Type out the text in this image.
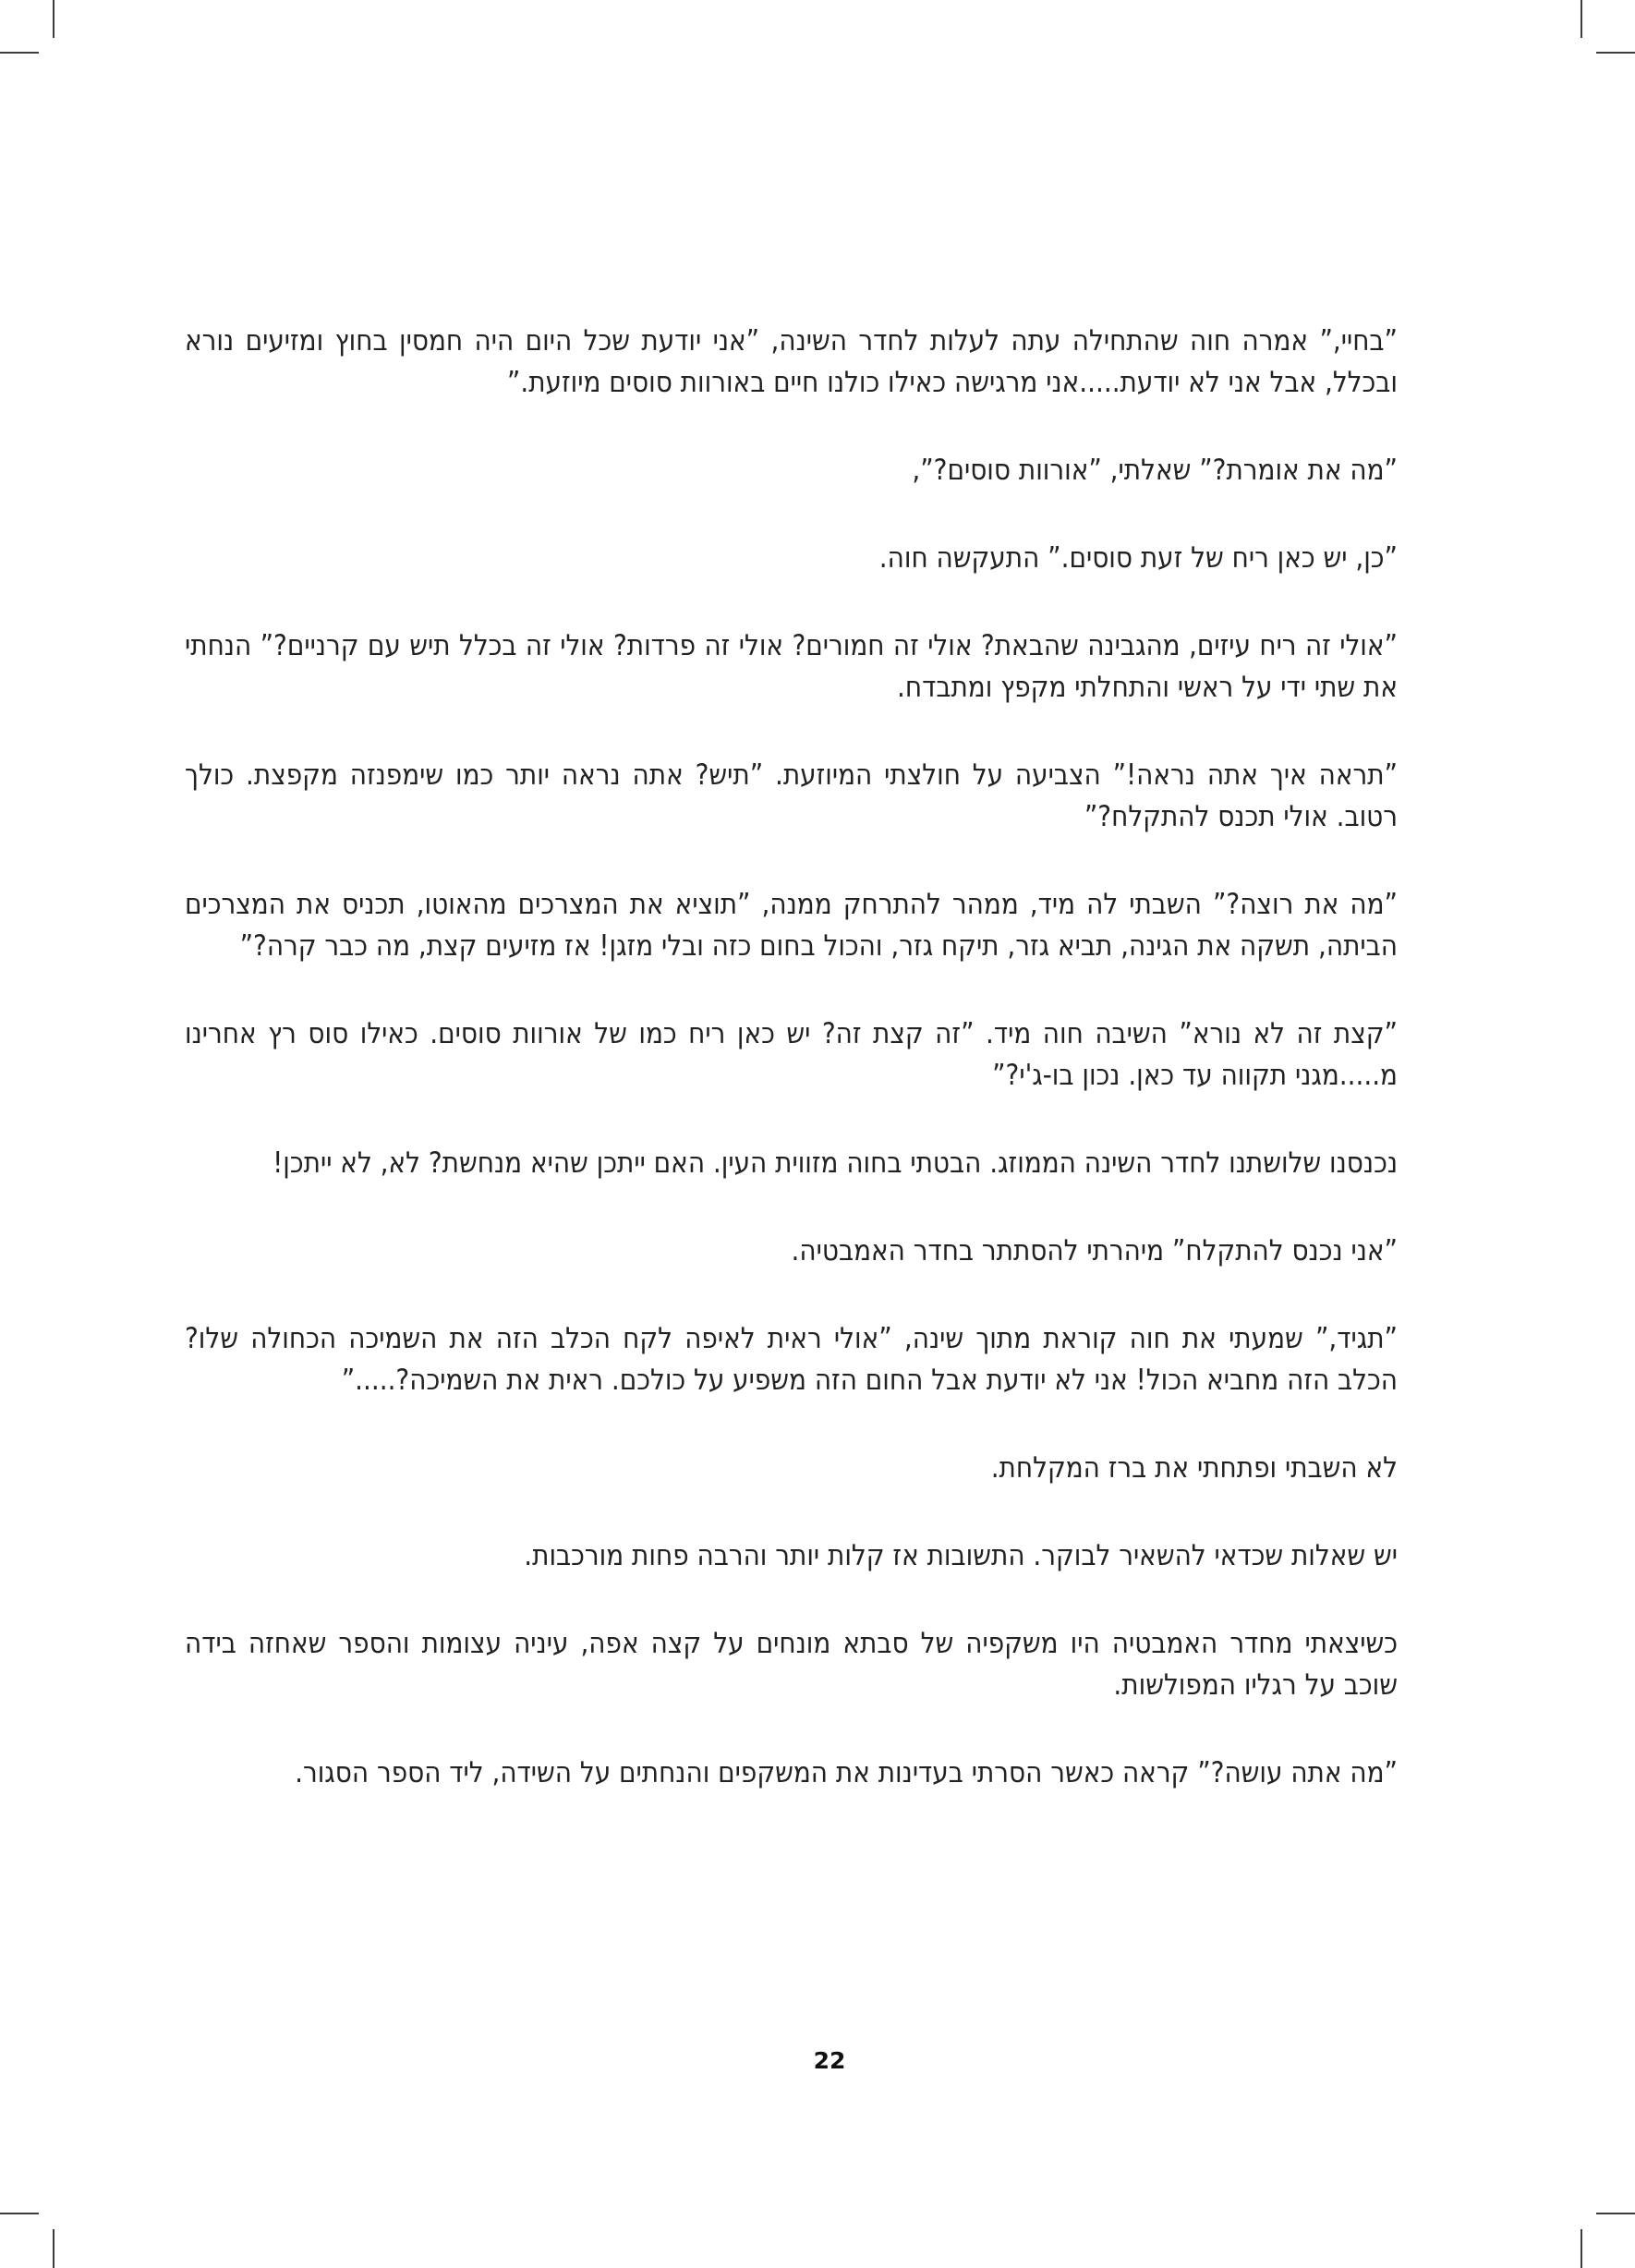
”בחיי,” אמרה חוה שהתחילה עתה לעלות לחדר השינה, ”אני יודעת שכל היום היה חמסין בחוץ ומזיעים נורא ובכלל, אבל אני לא יודעת.....אני מרגישה כאילו כולנו חיים באורוות סוסים מיוזעת.”

”מה את אומרת?” שאלתי, ”אורוות סוסים?”,

”כן, יש כאן ריח של זעת סוסים.” התעקשה חוה.

”אולי זה ריח עיזים, מהגבינה שהבאת? אולי זה חמורים? אולי זה פרדות? אולי זה בכלל תיש עם קרניים?” הנחתי את שתי ידי על ראשי והתחלתי מקפץ ומתבדח.

”תראה איך אתה נראה!” הצביעה על חולצתי המיוזעת. ”תיש? אתה נראה יותר כמו שימפנזה מקפצת. כולך רטוב. אולי תכנס להתקלח?”

”מה את רוצה?” השבתי לה מיד, ממהר להתרחק ממנה, ”תוציא את המצרכים מהאוטו, תכניס את המצרכים הביתה, תשקה את הגינה, תביא גזר, תיקח גזר, והכול בחום כזה ובלי מזגן! אז מזיעים קצת, מה כבר קרה?”

”קצת זה לא נורא” השיבה חוה מיד. ”זה קצת זה? יש כאן ריח כמו של אורוות סוסים. כאילו סוס רץ אחרינו מ.....מגני תקווה עד כאן. נכון בו-ג'י?”

נכנסנו שלושתנו לחדר השינה הממוזג. הבטתי בחוה מזווית העין. האם ייתכן שהיא מנחשת? לא, לא ייתכן!

”אני נכנס להתקלח” מיהרתי להסתתר בחדר האמבטיה.

”תגיד,” שמעתי את חוה קוראת מתוך שינה, ”אולי ראית לאיפה לקח הכלב הזה את השמיכה הכחולה שלו? הכלב הזה מחביא הכול! אני לא יודעת אבל החום הזה משפיע על כולכם. ראית את השמיכה?.....”

לא השבתי ופתחתי את ברז המקלחת.

יש שאלות שכדאי להשאיר לבוקר. התשובות אז קלות יותר והרבה פחות מורכבות.

כשיצאתי מחדר האמבטיה היו משקפיה של סבתא מונחים על קצה אפה, עיניה עצומות והספר שאחזה בידה שוכב על רגליו המפולשות.

”מה אתה עושה?” קראה כאשר הסרתי בעדינות את המשקפים והנחתים על השידה, ליד הספר הסגור.

22
